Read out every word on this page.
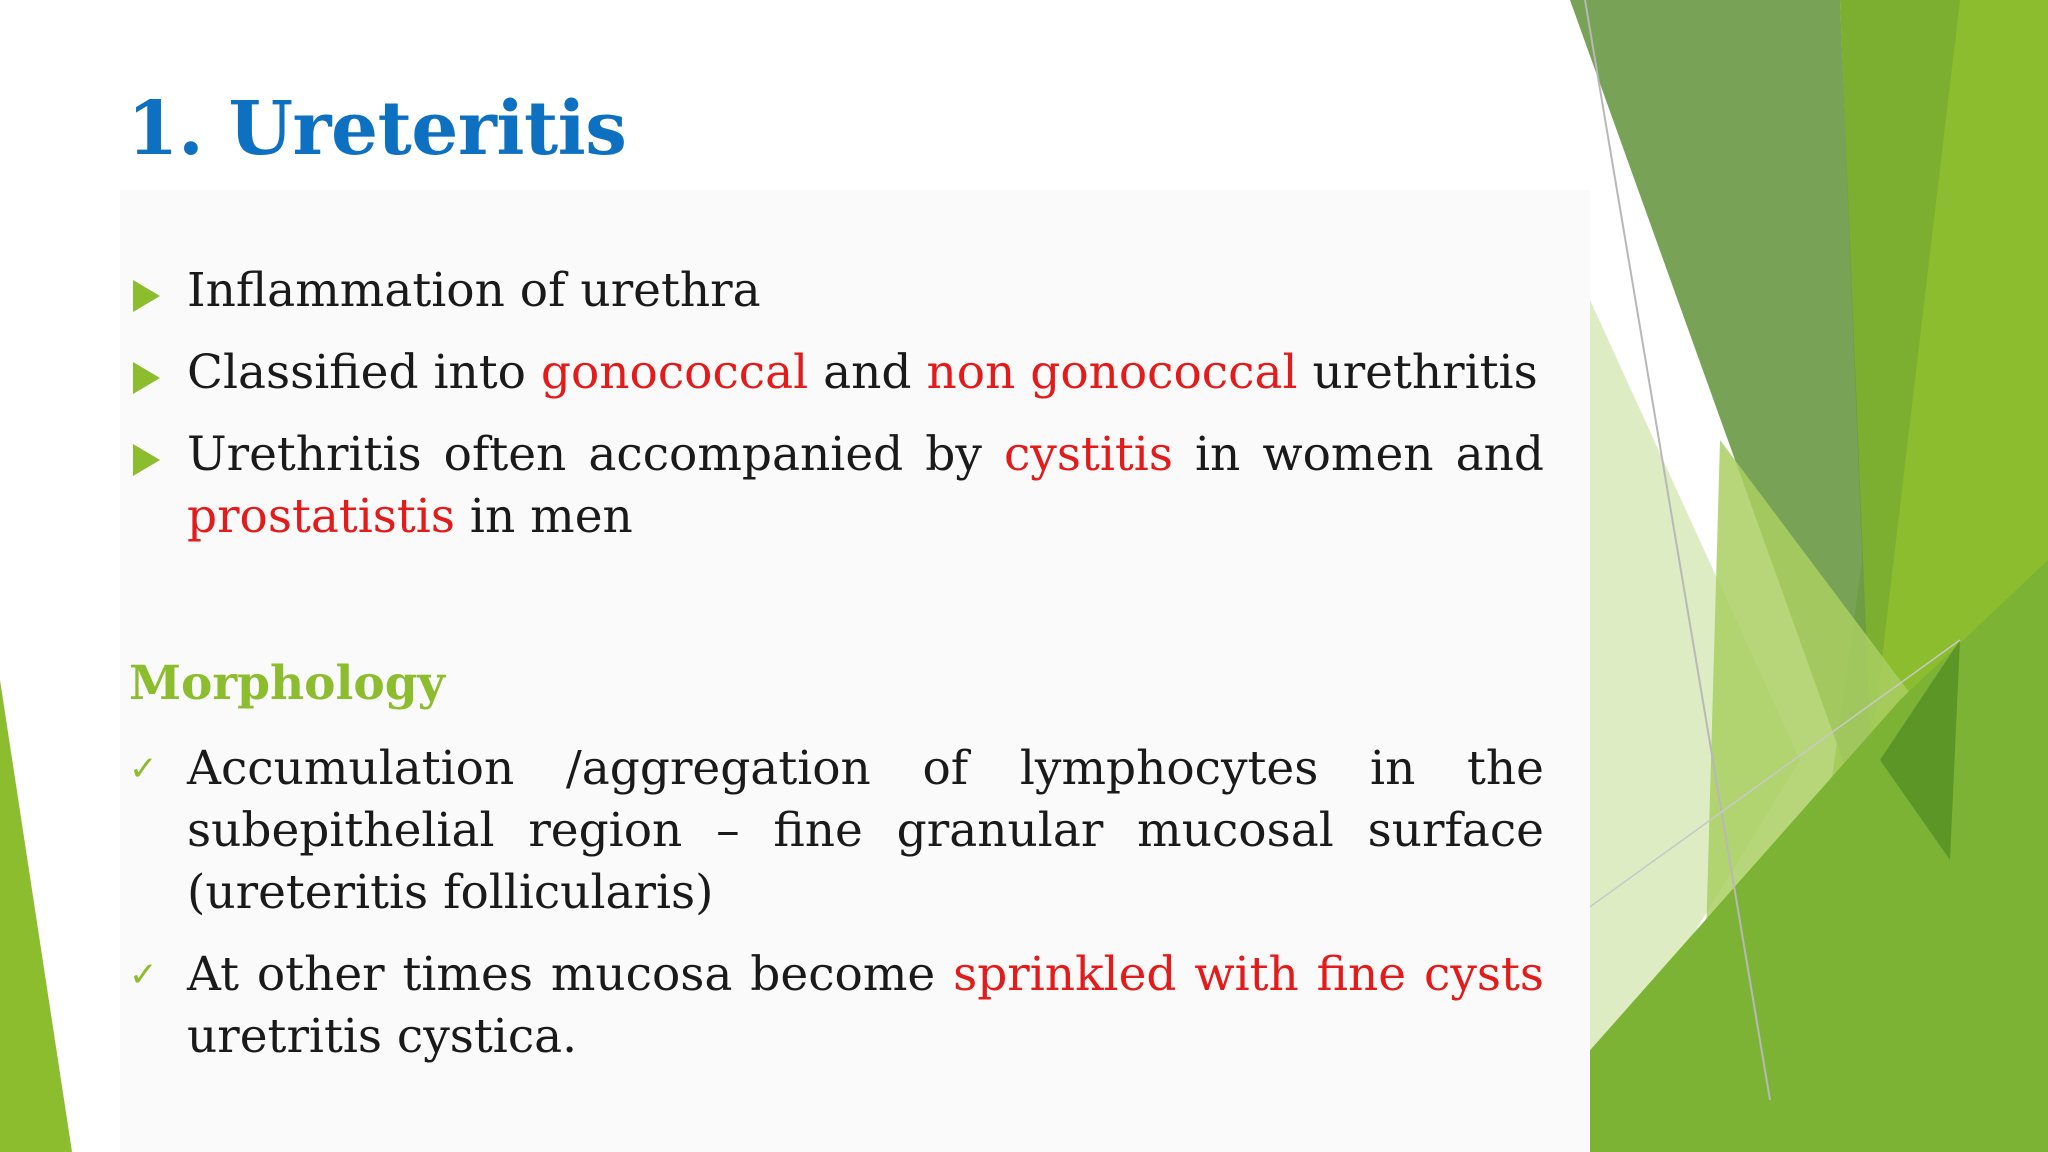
1. Ureteritis
Inflammation of urethra
Classified into gonococcal and non gonococcal urethritis
Urethritis often accompanied by cystitis in women and prostatistis in men
Morphology
✓ Accumulation /aggregation of lymphocytes in the subepithelial region – fine granular mucosal surface (ureteritis follicularis)
✓ At other times mucosa become sprinkled with fine cysts uretritis cystica.
